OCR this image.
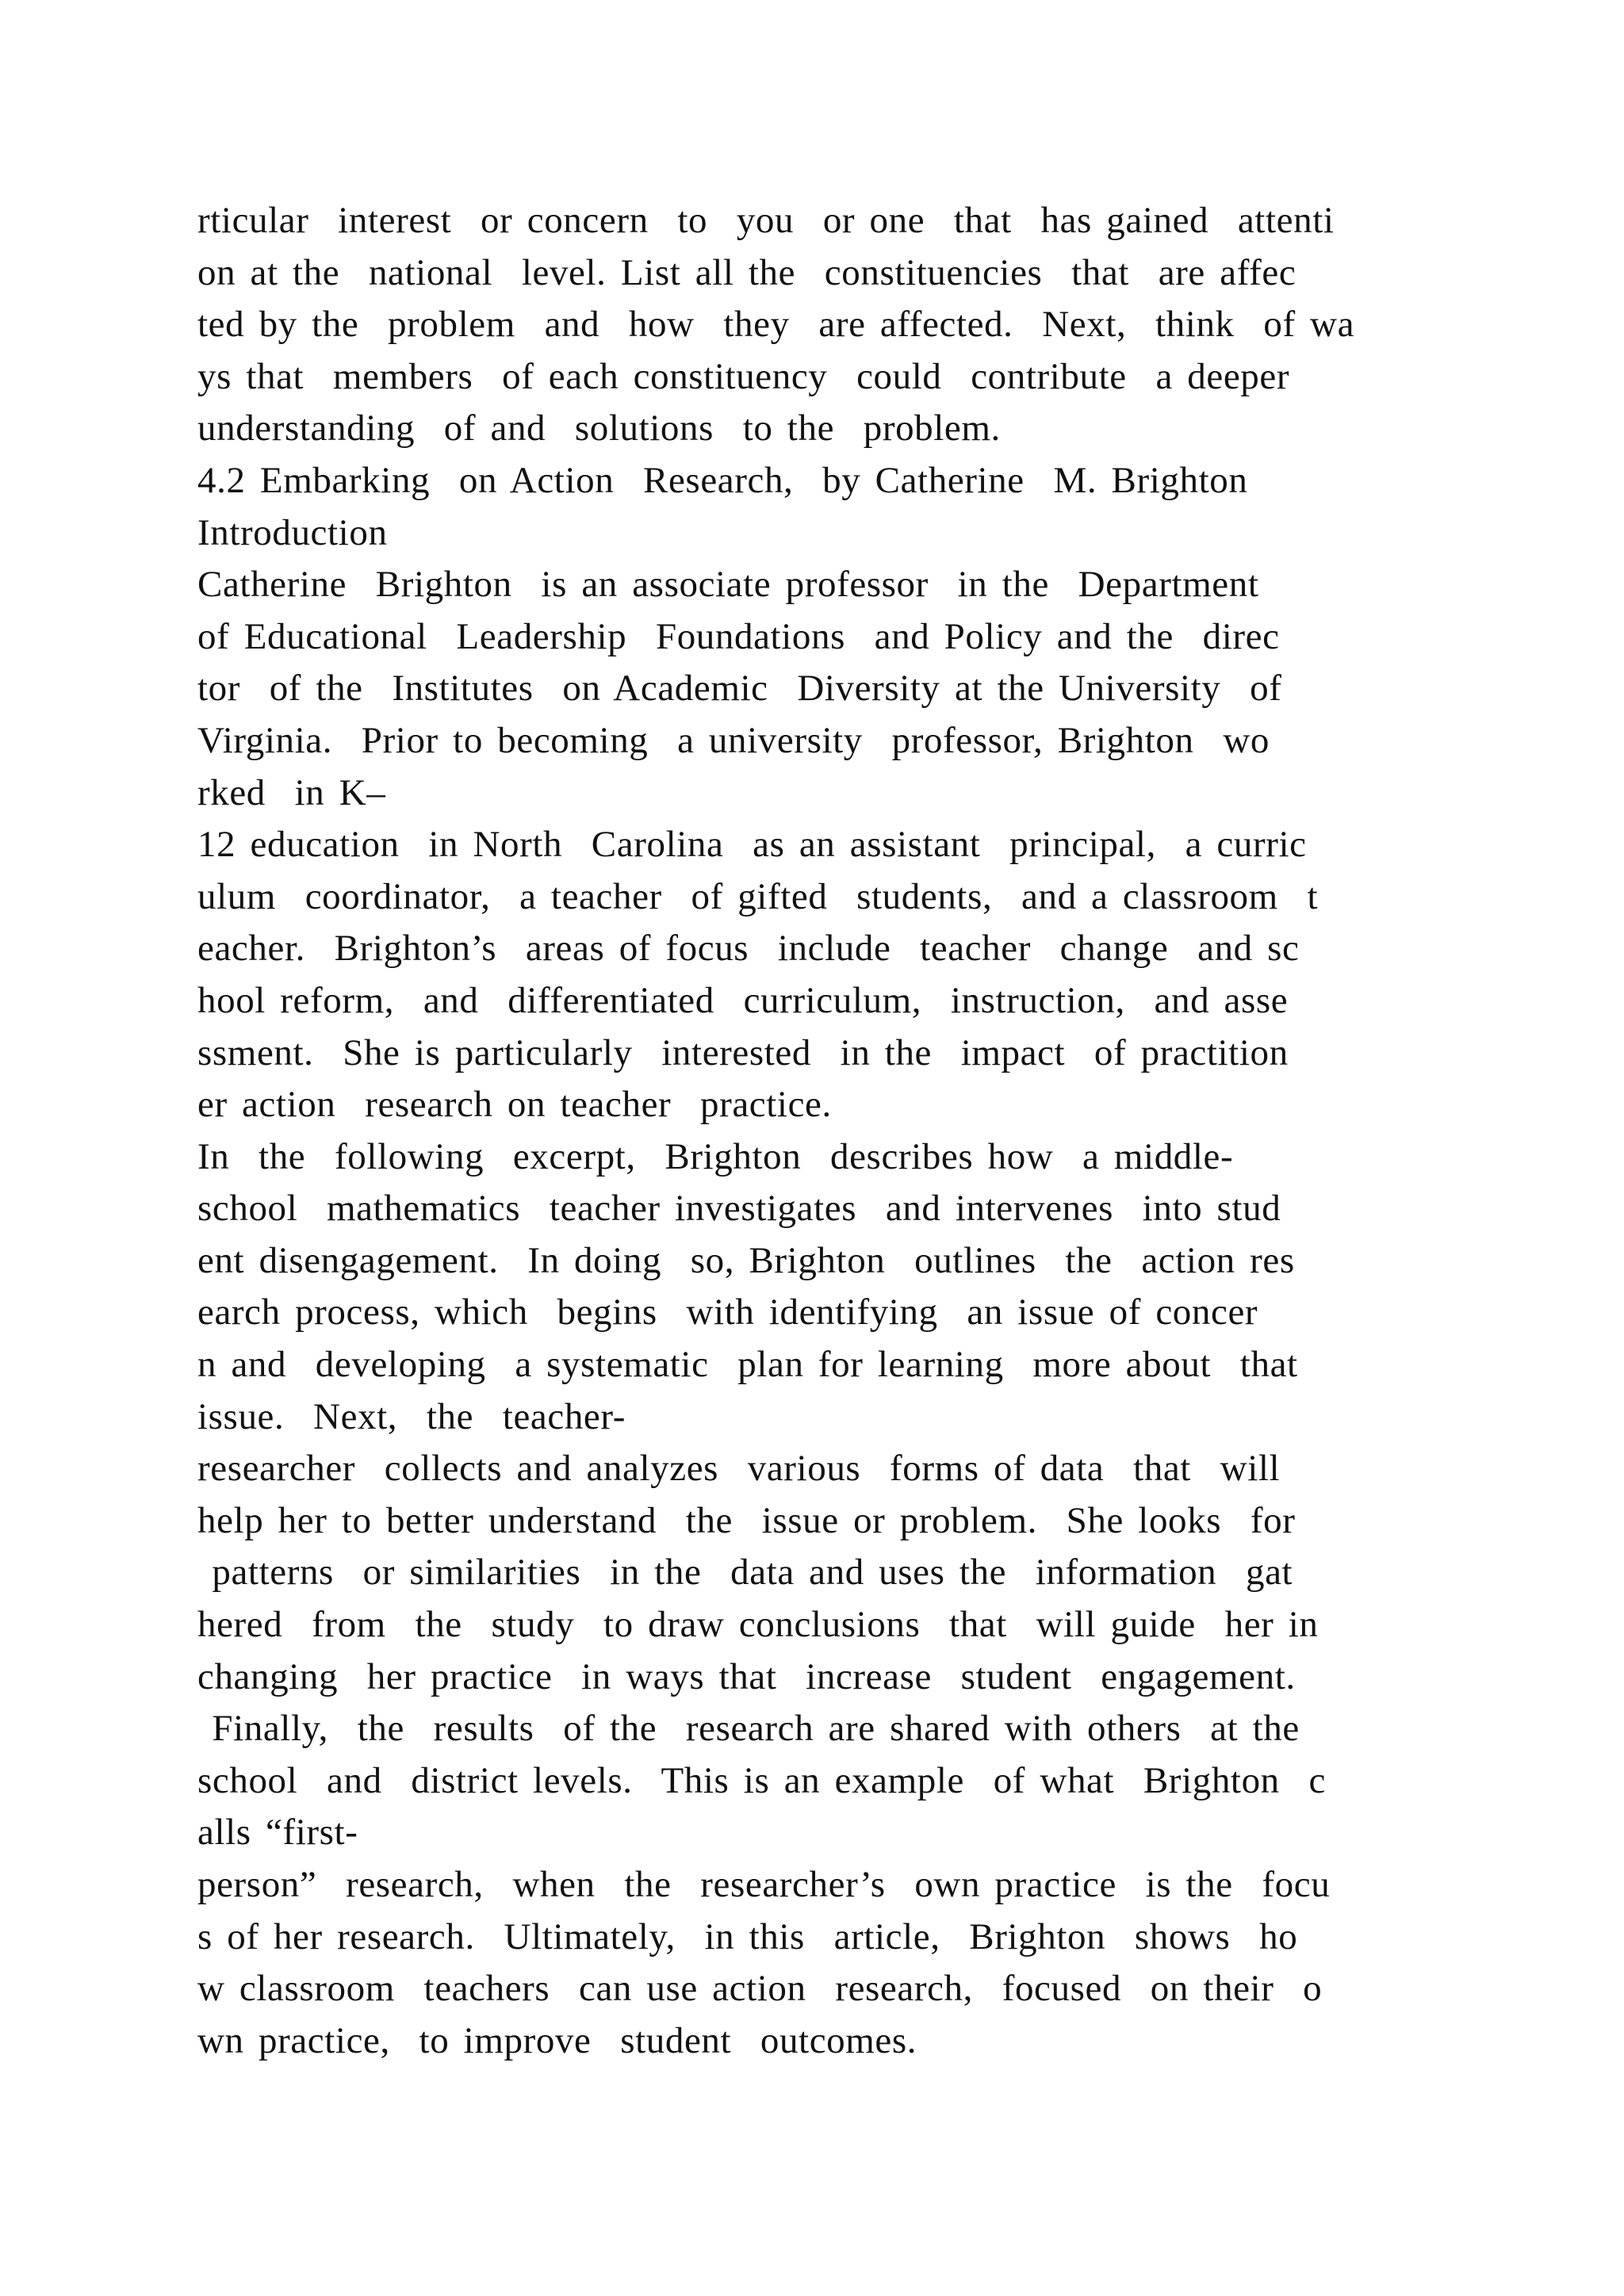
rticular  interest  or concern  to  you  or one  that  has gained  attenti
on at the  national  level. List all the  constituencies  that  are affec
ted by the  problem  and  how  they  are affected.  Next,  think  of wa
ys that  members  of each constituency  could  contribute  a deeper
understanding  of and  solutions  to the  problem.
4.2 Embarking  on Action  Research,  by Catherine  M. Brighton
Introduction
Catherine  Brighton  is an associate professor  in the  Department
of Educational  Leadership  Foundations  and Policy and the  direc
tor  of the  Institutes  on Academic  Diversity at the University  of
Virginia.  Prior to becoming  a university  professor, Brighton  wo
rked  in K–
12 education  in North  Carolina  as an assistant  principal,  a curric
ulum  coordinator,  a teacher  of gifted  students,  and a classroom  t
eacher.  Brighton’s  areas of focus  include  teacher  change  and sc
hool reform,  and  differentiated  curriculum,  instruction,  and asse
ssment.  She is particularly  interested  in the  impact  of practition
er action  research on teacher  practice.
In  the  following  excerpt,  Brighton  describes how  a middle-
school  mathematics  teacher investigates  and intervenes  into stud
ent disengagement.  In doing  so, Brighton  outlines  the  action res
earch process, which  begins  with identifying  an issue of concer
n and  developing  a systematic  plan for learning  more about  that
issue.  Next,  the  teacher-
researcher  collects and analyzes  various  forms of data  that  will
help her to better understand  the  issue or problem.  She looks  for
patterns  or similarities  in the  data and uses the  information  gat
hered  from  the  study  to draw conclusions  that  will guide  her in
changing  her practice  in ways that  increase  student  engagement.
Finally,  the  results  of the  research are shared with others  at the
school  and  district levels.  This is an example  of what  Brighton  c
alls “first-
person”  research,  when  the  researcher’s  own practice  is the  focu
s of her research.  Ultimately,  in this  article,  Brighton  shows  ho
w classroom  teachers  can use action  research,  focused  on their  o
wn practice,  to improve  student  outcomes.
